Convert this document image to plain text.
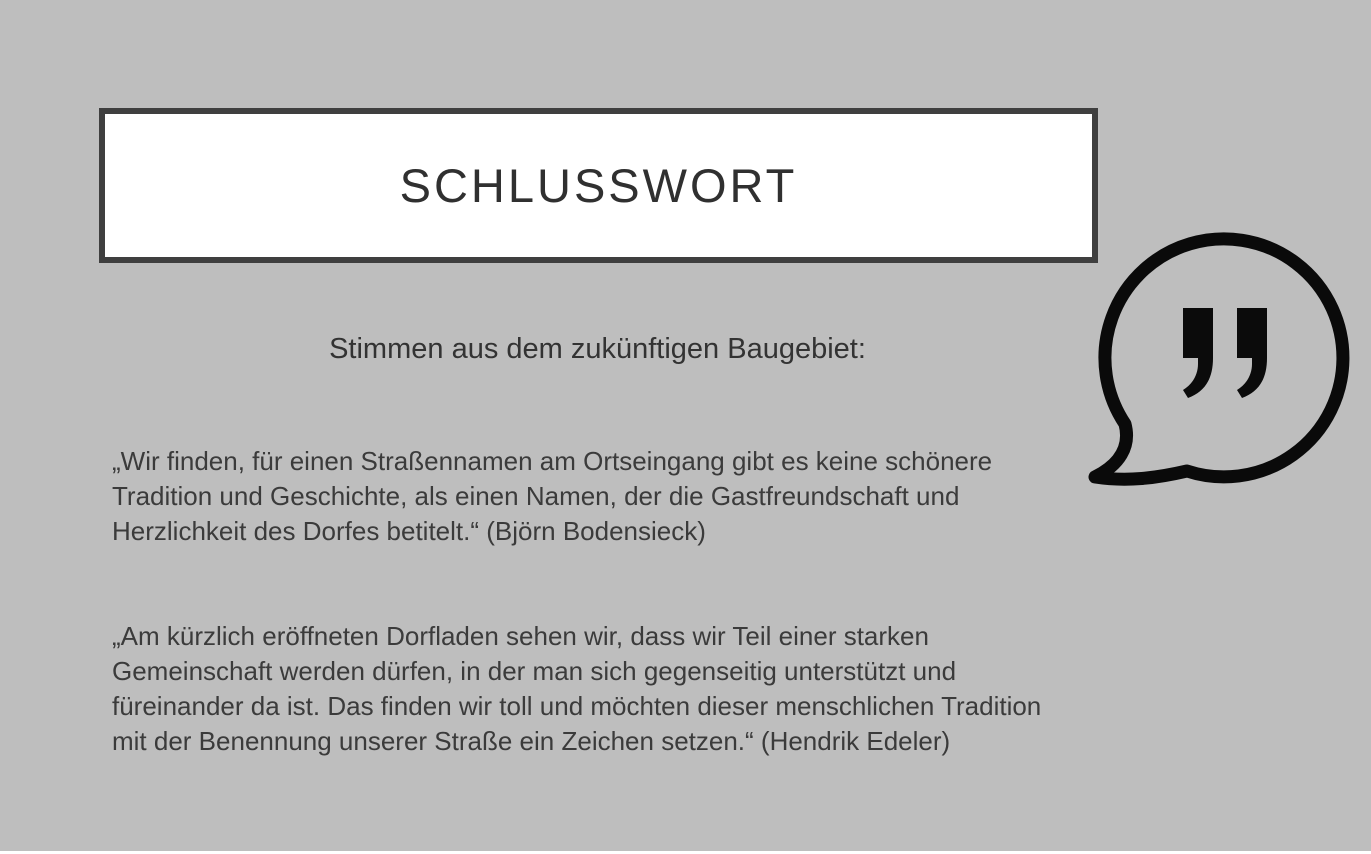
SCHLUSSWORT
Stimmen aus dem zukünftigen Baugebiet:
„Wir finden, für einen Straßennamen am Ortseingang gibt es keine schönere
Tradition und Geschichte, als einen Namen, der die Gastfreundschaft und
Herzlichkeit des Dorfes betitelt.“ (Björn Bodensieck)
„Am kürzlich eröffneten Dorfladen sehen wir, dass wir Teil einer starken
Gemeinschaft werden dürfen, in der man sich gegenseitig unterstützt und
füreinander da ist. Das finden wir toll und möchten dieser menschlichen Tradition
mit der Benennung unserer Straße ein Zeichen setzen.“ (Hendrik Edeler)
